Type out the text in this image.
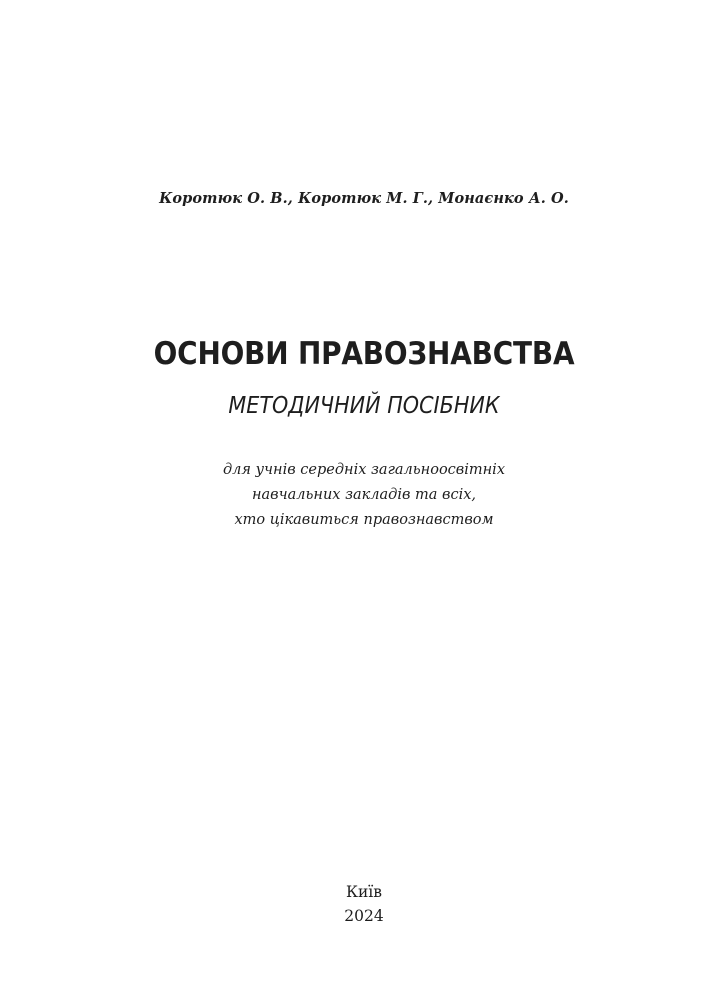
Коротюк О. В., Коротюк М. Г., Монаєнко А. О.
ОСНОВИ ПРАВОЗНАВСТВА
МЕТОДИЧНИЙ ПОСІБНИК
для учнів середніх загальноосвітніх
навчальних закладів та всіх,
хто цікавиться правознавством
Київ
2024
